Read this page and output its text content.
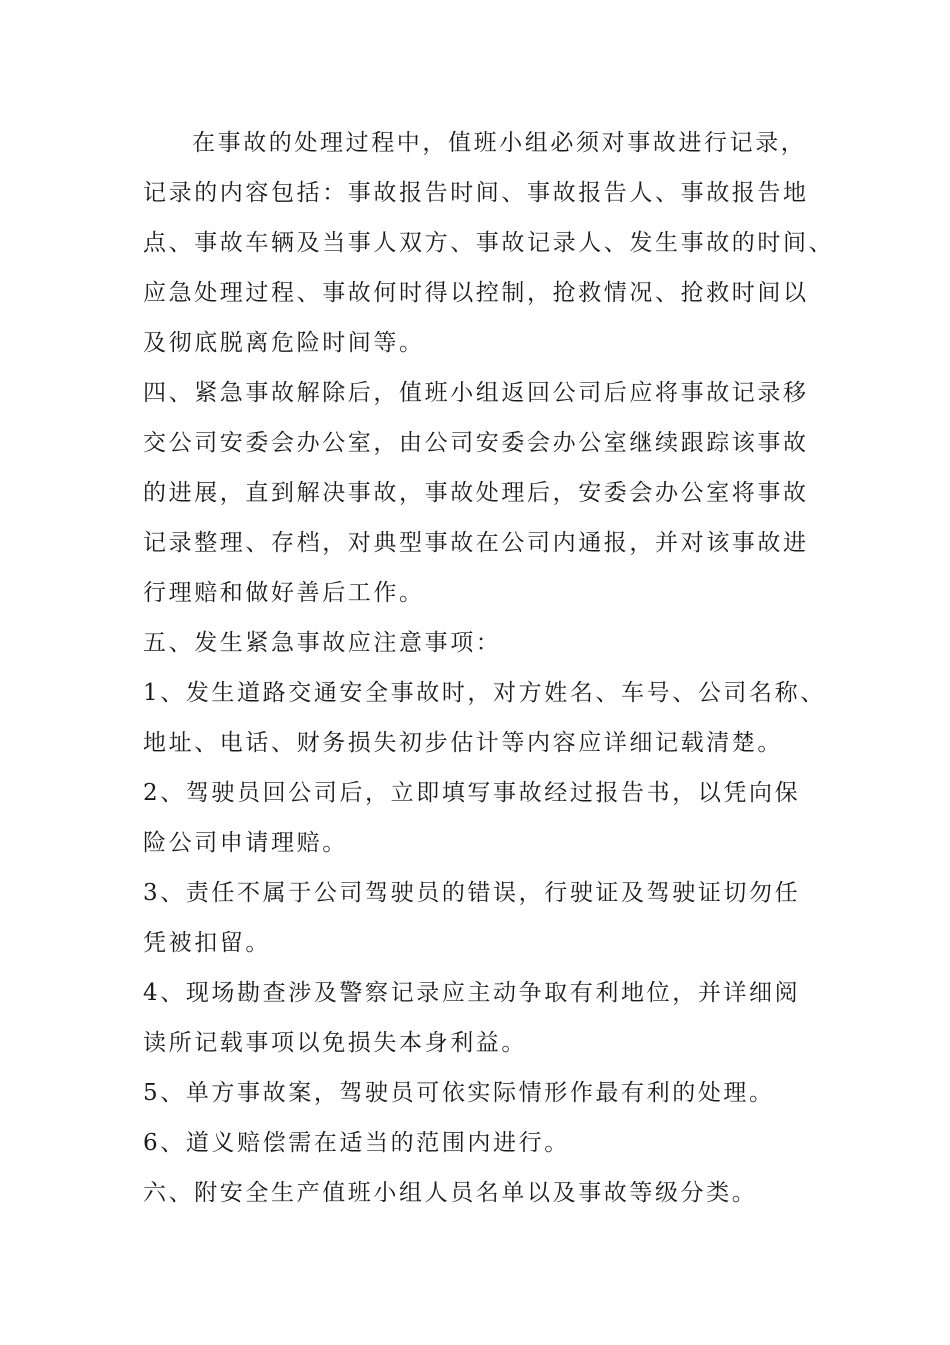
在事故的处理过程中，值班小组必须对事故进行记录，
记录的内容包括：事故报告时间、事故报告人、事故报告地
点、事故车辆及当事人双方、事故记录人、发生事故的时间、
应急处理过程、事故何时得以控制，抢救情况、抢救时间以
及彻底脱离危险时间等。
四、紧急事故解除后，值班小组返回公司后应将事故记录移
交公司安委会办公室，由公司安委会办公室继续跟踪该事故
的进展，直到解决事故，事故处理后，安委会办公室将事故
记录整理、存档，对典型事故在公司内通报，并对该事故进
行理赔和做好善后工作。
五、发生紧急事故应注意事项：
1、发生道路交通安全事故时，对方姓名、车号、公司名称、
地址、电话、财务损失初步估计等内容应详细记载清楚。
2、驾驶员回公司后，立即填写事故经过报告书，以凭向保
险公司申请理赔。
3、责任不属于公司驾驶员的错误，行驶证及驾驶证切勿任
凭被扣留。
4、现场勘查涉及警察记录应主动争取有利地位，并详细阅
读所记载事项以免损失本身利益。
5、单方事故案，驾驶员可依实际情形作最有利的处理。
6、道义赔偿需在适当的范围内进行。
六、附安全生产值班小组人员名单以及事故等级分类。
